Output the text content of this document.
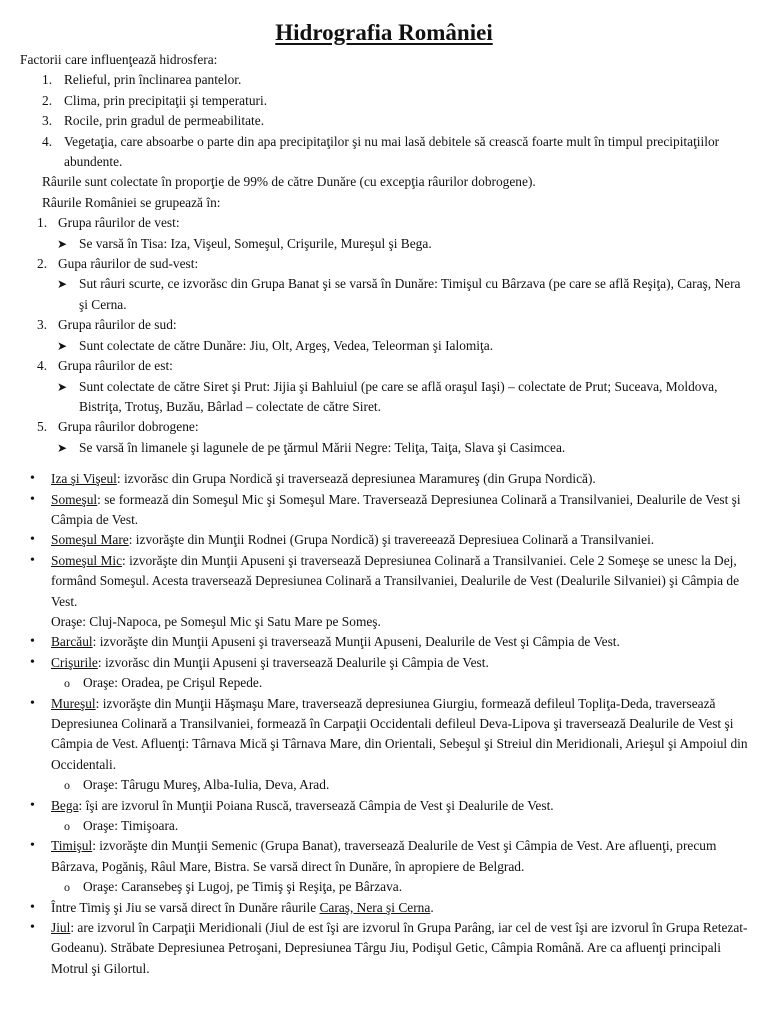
Hidrografia României
Factorii care influenţează hidrosfera:
1. Relieful, prin înclinarea pantelor.
2. Clima, prin precipitaţii şi temperaturi.
3. Rocile, prin gradul de permeabilitate.
4. Vegetaţia, care absoarbe o parte din apa precipitaţilor şi nu mai lasă debitele să crească foarte mult în timpul precipitaţiilor abundente.
Râurile sunt colectate în proporţie de 99% de către Dunăre (cu excepţia râurilor dobrogene).
Râurile României se grupează în:
1. Grupa râurilor de vest:
➤ Se varsă în Tisa: Iza, Vişeul, Someşul, Crişurile, Mureşul şi Bega.
2. Gupa râurilor de sud-vest:
➤ Sut râuri scurte, ce izvorăsc din Grupa Banat şi se varsă în Dunăre: Timişul cu Bârzava (pe care se află Reşiţa), Caraş, Nera şi Cerna.
3. Grupa râurilor de sud:
➤ Sunt colectate de către Dunăre: Jiu, Olt, Argeş, Vedea, Teleorman şi Ialomiţa.
4. Grupa râurilor de est:
➤ Sunt colectate de către Siret şi Prut: Jijia şi Bahluiul (pe care se află oraşul Iaşi) – colectate de Prut; Suceava, Moldova, Bistriţa, Trotuş, Buzău, Bârlad – colectate de către Siret.
5. Grupa râurilor dobrogene:
➤ Se varsă în limanele şi lagunele de pe ţărmul Mării Negre: Teliţa, Taiţa, Slava şi Casimcea.
• Iza şi Vişeul: izvorăsc din Grupa Nordică şi traversează depresiunea Maramureş (din Grupa Nordică).
• Someşul: se formează din Someşul Mic şi Someşul Mare. Traversează Depresiunea Colinară a Transilvaniei, Dealurile de Vest şi Câmpia de Vest.
• Someşul Mare: izvorăşte din Munţii Rodnei (Grupa Nordică) şi travereează Depresiuea Colinară a Transilvaniei.
• Someşul Mic: izvorăşte din Munţii Apuseni şi traversează Depresiunea Colinară a Transilvaniei. Cele 2 Someşe se unesc la Dej, formând Someşul. Acesta traversează Depresiunea Colinară a Transilvaniei, Dealurile de Vest (Dealurile Silvaniei) şi Câmpia de Vest.
Oraşe: Cluj-Napoca, pe Someşul Mic şi Satu Mare pe Someş.
• Barcăul: izvorăşte din Munţii Apuseni şi traversează Munţii Apuseni, Dealurile de Vest şi Câmpia de Vest.
• Crişurile: izvorăsc din Munţii Apuseni şi traversează Dealurile şi Câmpia de Vest.
o Oraşe: Oradea, pe Crişul Repede.
• Mureşul: izvorăşte din Munţii Hăşmaşu Mare, traversează depresiunea Giurgiu, formează defileul Topliţa-Deda, traversează Depresiunea Colinară a Transilvaniei, formează în Carpaţii Occidentali defileul Deva-Lipova şi traversează Dealurile de Vest şi Câmpia de Vest. Afluenţi: Târnava Mică şi Târnava Mare, din Orientali, Sebeşul şi Streiul din Meridionali, Arieşul şi Ampoiul din Occidentali.
o Oraşe: Târugu Mureş, Alba-Iulia, Deva, Arad.
• Bega: îşi are izvorul în Munţii Poiana Ruscă, traversează Câmpia de Vest şi Dealurile de Vest.
o Oraşe: Timişoara.
• Timişul: izvorăşte din Munţii Semenic (Grupa Banat), traversează Dealurile de Vest şi Câmpia de Vest. Are afluenţi, precum Bârzava, Pogăniş, Râul Mare, Bistra. Se varsă direct în Dunăre, în apropiere de Belgrad.
o Oraşe: Caransebeş şi Lugoj, pe Timiş şi Reşiţa, pe Bârzava.
• Între Timiş şi Jiu se varsă direct în Dunăre râurile Caraş, Nera şi Cerna.
• Jiul: are izvorul în Carpaţii Meridionali (Jiul de est îşi are izvorul în Grupa Parâng, iar cel de vest îşi are izvorul în Grupa Retezat-Godeanu). Străbate Depresiunea Petroşani, Depresiunea Târgu Jiu, Podişul Getic, Câmpia Română. Are ca afluenţi principali Motrul şi Gilortul.
